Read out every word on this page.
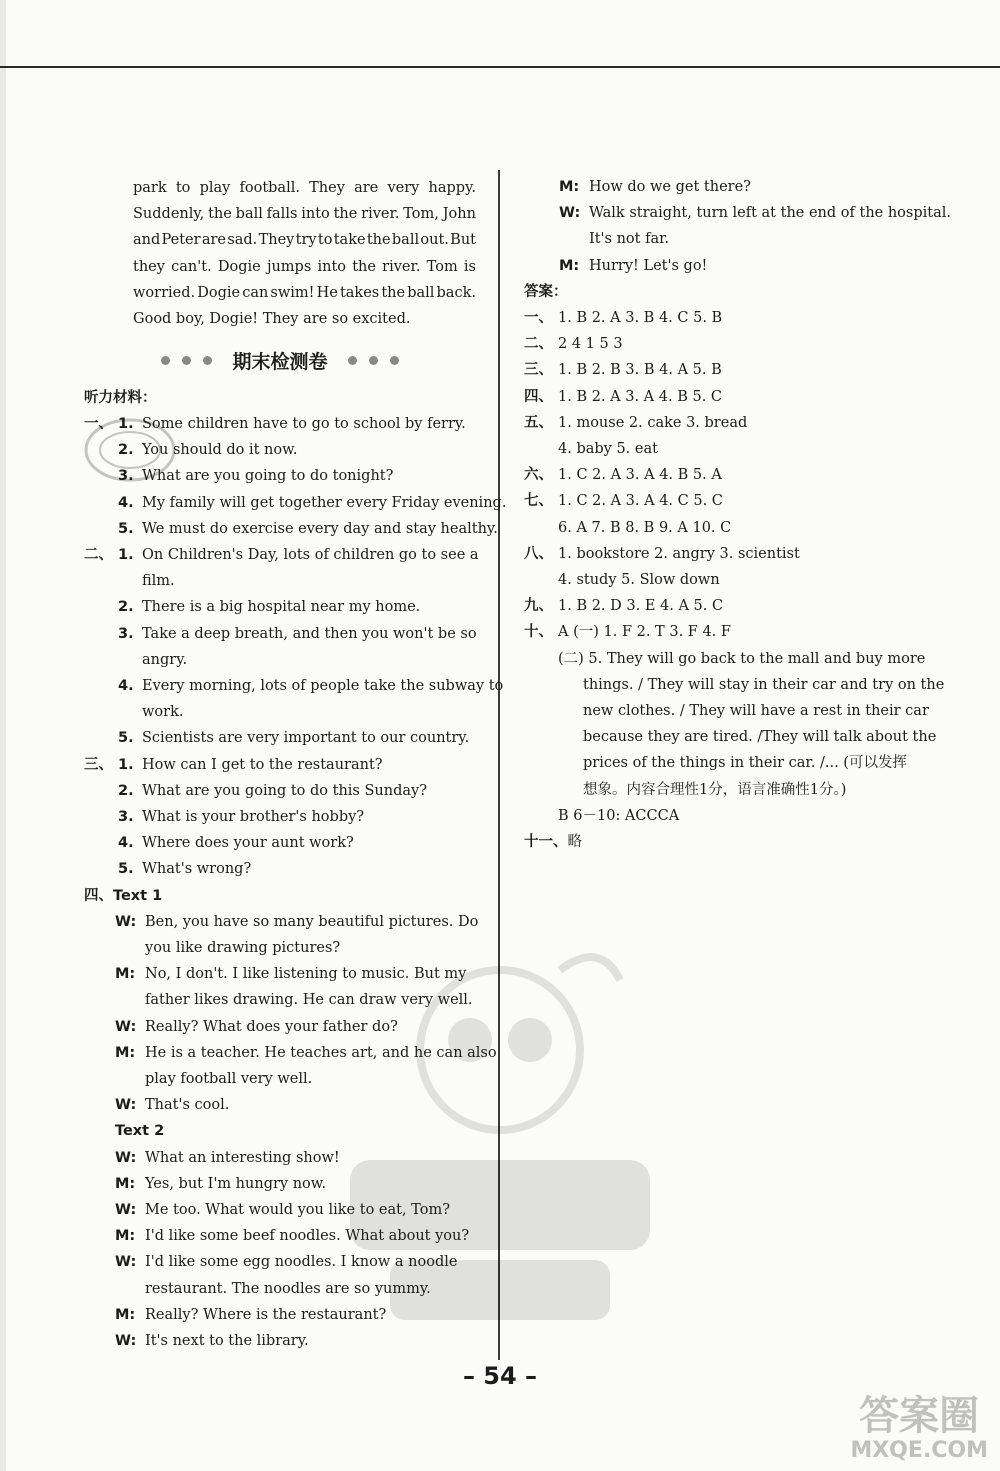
park to play football. They are very happy.
Suddenly, the ball falls into the river. Tom, John
and Peter are sad. They try to take the ball out. But
they can't. Dogie jumps into the river. Tom is
worried. Dogie can swim! He takes the ball back.
Good boy, Dogie! They are so excited.
期末检测卷
听力材料：
一、 1. Some children have to go to school by ferry.
2. You should do it now.
3. What are you going to do tonight?
4. My family will get together every Friday evening.
5. We must do exercise every day and stay healthy.
二、 1. On Children's Day, lots of children go to see a
film.
2. There is a big hospital near my home.
3. Take a deep breath, and then you won't be so
angry.
4. Every morning, lots of people take the subway to
work.
5. Scientists are very important to our country.
三、 1. How can I get to the restaurant?
2. What are you going to do this Sunday?
3. What is your brother's hobby?
4. Where does your aunt work?
5. What's wrong?
四、Text 1
W: Ben, you have so many beautiful pictures. Do
you like drawing pictures?
M: No, I don't. I like listening to music. But my
father likes drawing. He can draw very well.
W: Really? What does your father do?
M: He is a teacher. He teaches art, and he can also
play football very well.
W: That's cool.
Text 2
W: What an interesting show!
M: Yes, but I'm hungry now.
W: Me too. What would you like to eat, Tom?
M: I'd like some beef noodles. What about you?
W: I'd like some egg noodles. I know a noodle
restaurant. The noodles are so yummy.
M: Really? Where is the restaurant?
W: It's next to the library.
M: How do we get there?
W: Walk straight, turn left at the end of the hospital.
It's not far.
M: Hurry! Let's go!
答案：
一、 1. B 2. A 3. B 4. C 5. B
二、 2 4 1 5 3
三、 1. B 2. B 3. B 4. A 5. B
四、 1. B 2. A 3. A 4. B 5. C
五、 1. mouse 2. cake 3. bread
4. baby 5. eat
六、 1. C 2. A 3. A 4. B 5. A
七、 1. C 2. A 3. A 4. C 5. C
6. A 7. B 8. B 9. A 10. C
八、 1. bookstore 2. angry 3. scientist
4. study 5. Slow down
九、 1. B 2. D 3. E 4. A 5. C
十、 A (一) 1. F 2. T 3. F 4. F
(二) 5. They will go back to the mall and buy more
things. / They will stay in their car and try on the
new clothes. / They will have a rest in their car
because they are tired. /They will talk about the
prices of the things in their car. /... (可以发挥
想象。内容合理性1分，语言准确性1分。)
B 6－10: ACCCA
十一、略
– 54 –
答案圈
MXQE.COM
